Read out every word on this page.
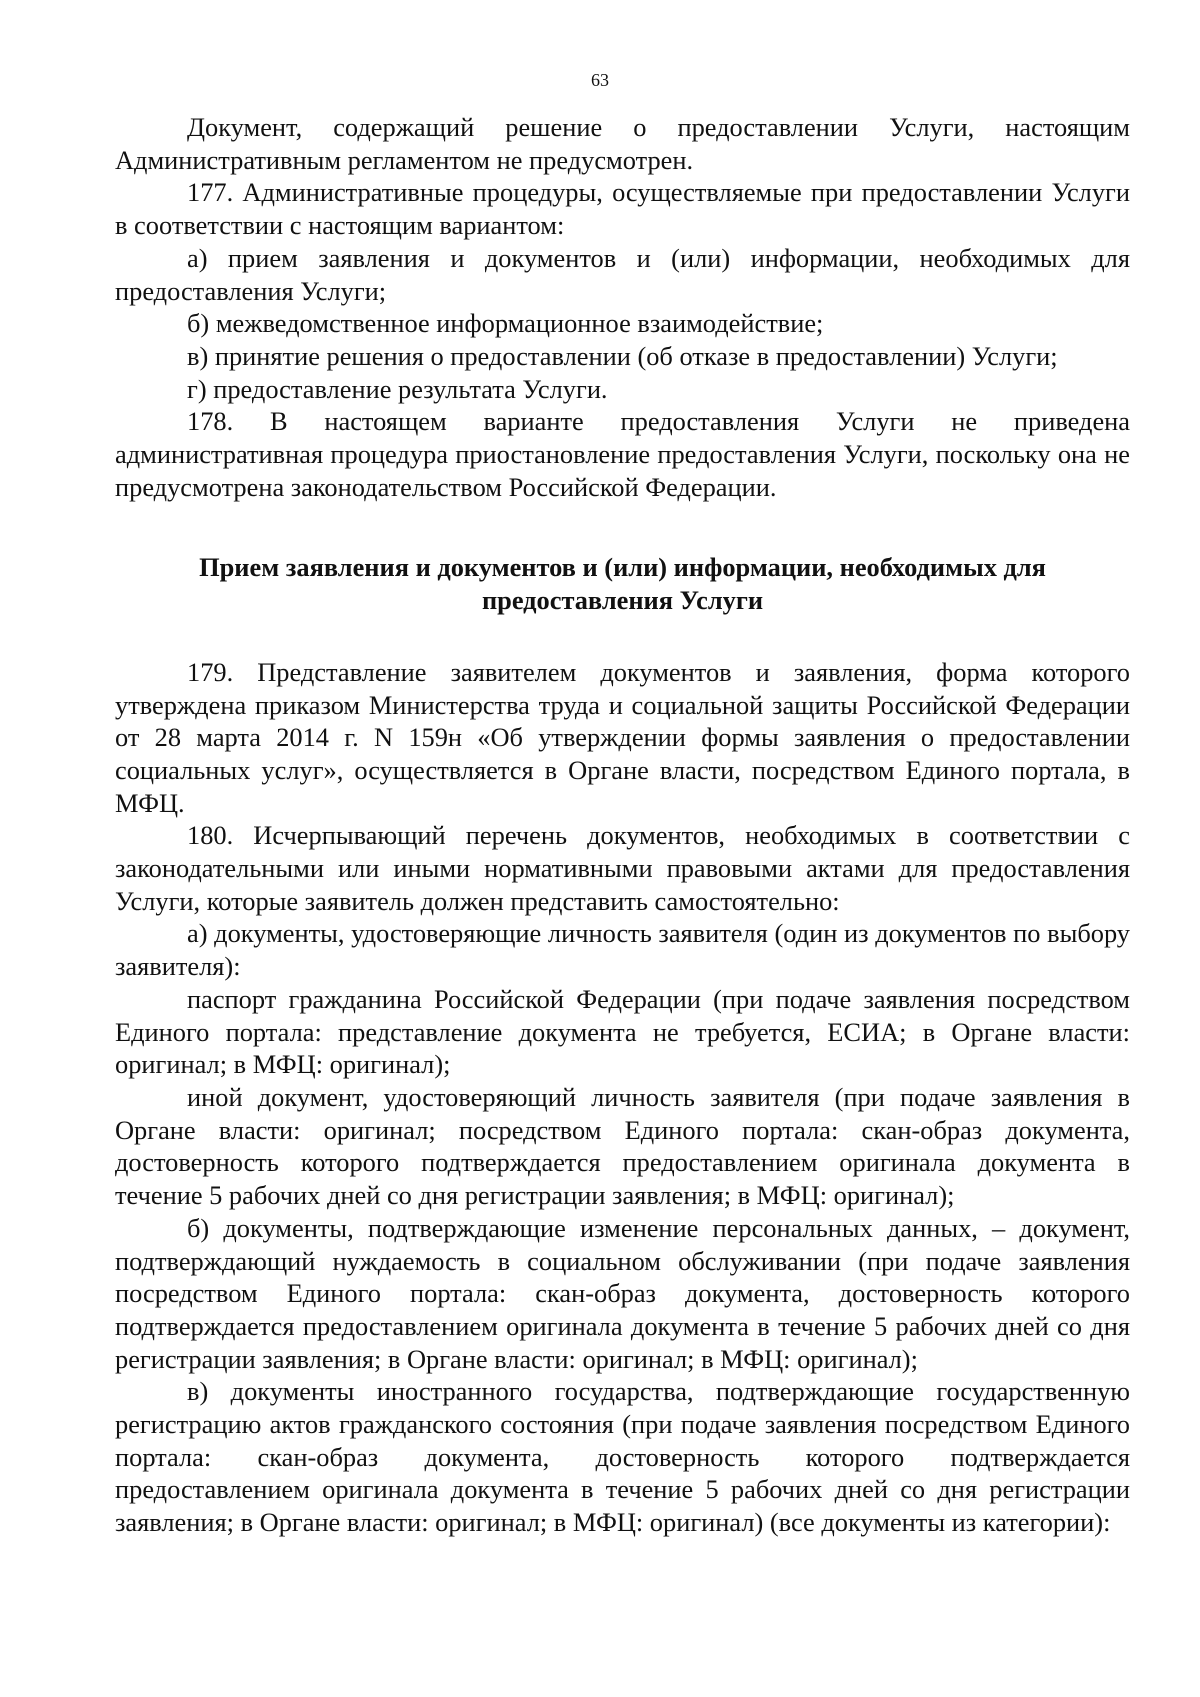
63

Документ, содержащий решение о предоставлении Услуги, настоящим Административным регламентом не предусмотрен.

177. Административные процедуры, осуществляемые при предоставлении Услуги в соответствии с настоящим вариантом:

а) прием заявления и документов и (или) информации, необходимых для предоставления Услуги;

б) межведомственное информационное взаимодействие;

в) принятие решения о предоставлении (об отказе в предоставлении) Услуги;

г) предоставление результата Услуги.

178. В настоящем варианте предоставления Услуги не приведена административная процедура приостановление предоставления Услуги, поскольку она не предусмотрена законодательством Российской Федерации.

Прием заявления и документов и (или) информации, необходимых для предоставления Услуги

179. Представление заявителем документов и заявления, форма которого утверждена приказом Министерства труда и социальной защиты Российской Федерации от 28 марта 2014 г. N 159н «Об утверждении формы заявления о предоставлении социальных услуг», осуществляется в Органе власти, посредством Единого портала, в МФЦ.

180. Исчерпывающий перечень документов, необходимых в соответствии с законодательными или иными нормативными правовыми актами для предоставления Услуги, которые заявитель должен представить самостоятельно:

а) документы, удостоверяющие личность заявителя (один из документов по выбору заявителя):

паспорт гражданина Российской Федерации (при подаче заявления посредством Единого портала: представление документа не требуется, ЕСИА; в Органе власти: оригинал; в МФЦ: оригинал);

иной документ, удостоверяющий личность заявителя (при подаче заявления в Органе власти: оригинал; посредством Единого портала: скан-образ документа, достоверность которого подтверждается предоставлением оригинала документа в течение 5 рабочих дней со дня регистрации заявления; в МФЦ: оригинал);

б) документы, подтверждающие изменение персональных данных, – документ, подтверждающий нуждаемость в социальном обслуживании (при подаче заявления посредством Единого портала: скан-образ документа, достоверность которого подтверждается предоставлением оригинала документа в течение 5 рабочих дней со дня регистрации заявления; в Органе власти: оригинал; в МФЦ: оригинал);

в) документы иностранного государства, подтверждающие государственную регистрацию актов гражданского состояния (при подаче заявления посредством Единого портала: скан-образ документа, достоверность которого подтверждается предоставлением оригинала документа в течение 5 рабочих дней со дня регистрации заявления; в Органе власти: оригинал; в МФЦ: оригинал) (все документы из категории):
